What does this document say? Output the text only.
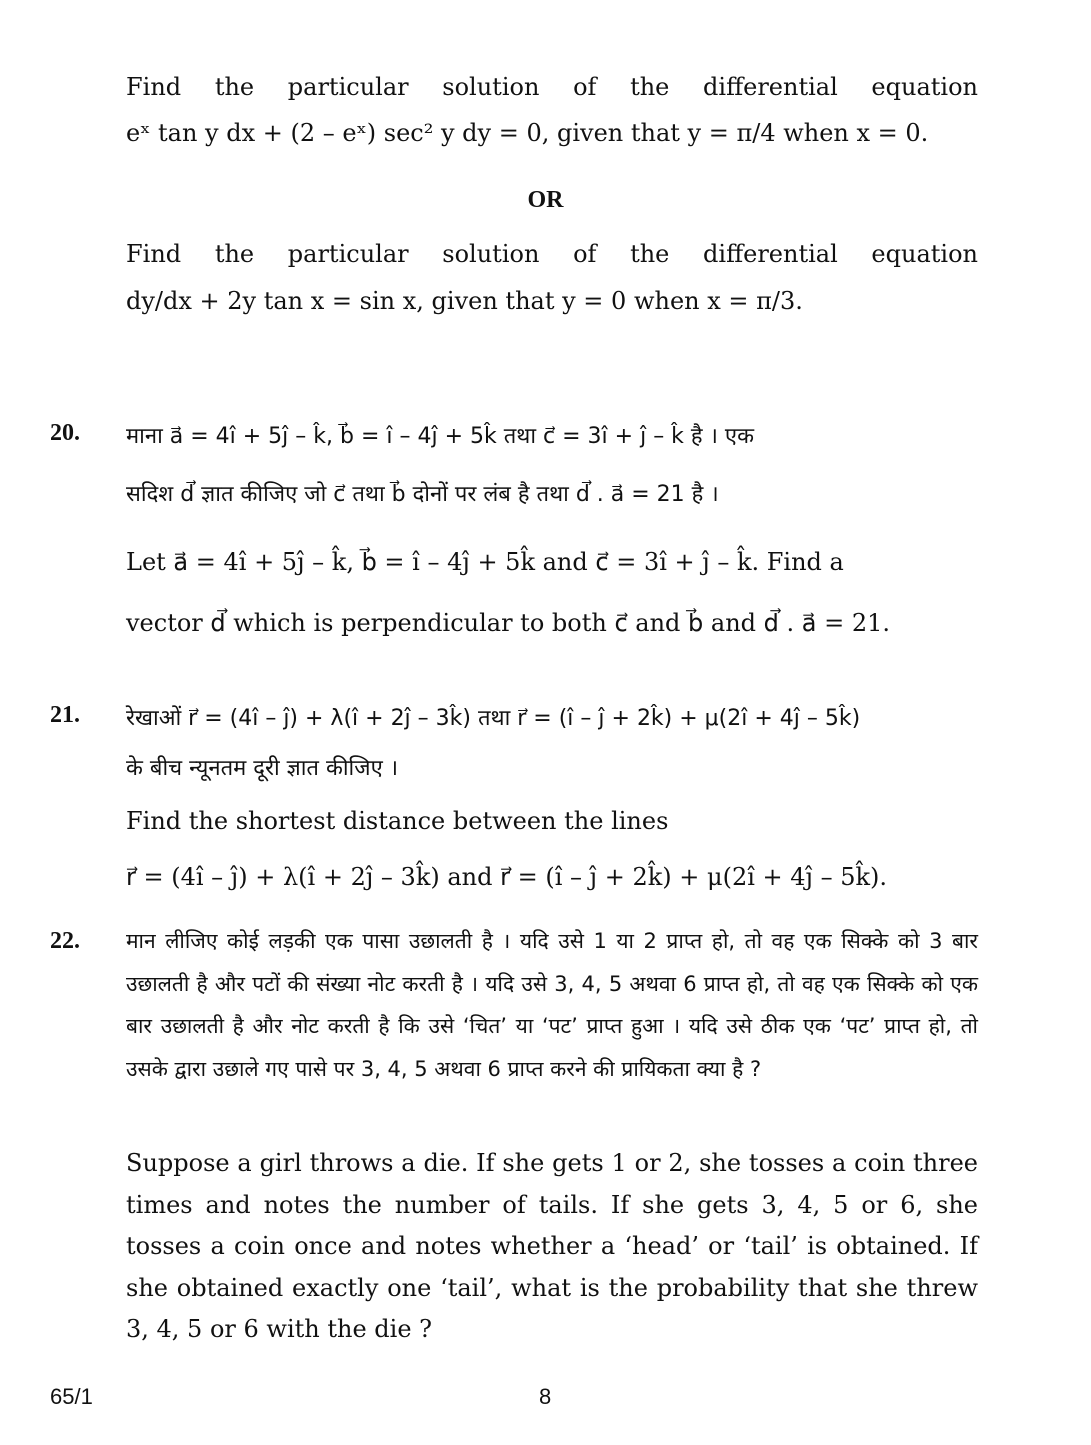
Find the particular solution of the differential equation
eˣ tan y dx + (2 – eˣ) sec² y dy = 0, given that y = π/4 when x = 0.
OR
Find the particular solution of the differential equation
dy/dx + 2y tan x = sin x, given that y = 0 when x = π/3.
20. माना a⃗ = 4î + 5ĵ – k̂, b⃗ = î – 4ĵ + 5k̂ तथा c⃗ = 3î + ĵ – k̂ है । एक
सदिश d⃗ ज्ञात कीजिए जो c⃗ तथा b⃗ दोनों पर लंब है तथा d⃗ . a⃗ = 21 है ।
Let a⃗ = 4î + 5ĵ – k̂, b⃗ = î – 4ĵ + 5k̂ and c⃗ = 3î + ĵ – k̂. Find a
vector d⃗ which is perpendicular to both c⃗ and b⃗ and d⃗ . a⃗ = 21.
21. रेखाओं r⃗ = (4î – ĵ) + λ(î + 2ĵ – 3k̂) तथा r⃗ = (î – ĵ + 2k̂) + μ(2î + 4ĵ – 5k̂)
के बीच न्यूनतम दूरी ज्ञात कीजिए ।
Find the shortest distance between the lines
r⃗ = (4î – ĵ) + λ(î + 2ĵ – 3k̂) and r⃗ = (î – ĵ + 2k̂) + μ(2î + 4ĵ – 5k̂).
22. मान लीजिए कोई लड़की एक पासा उछालती है । यदि उसे 1 या 2 प्राप्त हो, तो वह एक सिक्के को 3 बार उछालती है और पटों की संख्या नोट करती है । यदि उसे 3, 4, 5 अथवा 6 प्राप्त हो, तो वह एक सिक्के को एक बार उछालती है और नोट करती है कि उसे ‘चित’ या ‘पट’ प्राप्त हुआ । यदि उसे ठीक एक ‘पट’ प्राप्त हो, तो उसके द्वारा उछाले गए पासे पर 3, 4, 5 अथवा 6 प्राप्त करने की प्रायिकता क्या है ?
Suppose a girl throws a die. If she gets 1 or 2, she tosses a coin three times and notes the number of tails. If she gets 3, 4, 5 or 6, she tosses a coin once and notes whether a ‘head’ or ‘tail’ is obtained. If she obtained exactly one ‘tail’, what is the probability that she threw 3, 4, 5 or 6 with the die ?
65/1	8
